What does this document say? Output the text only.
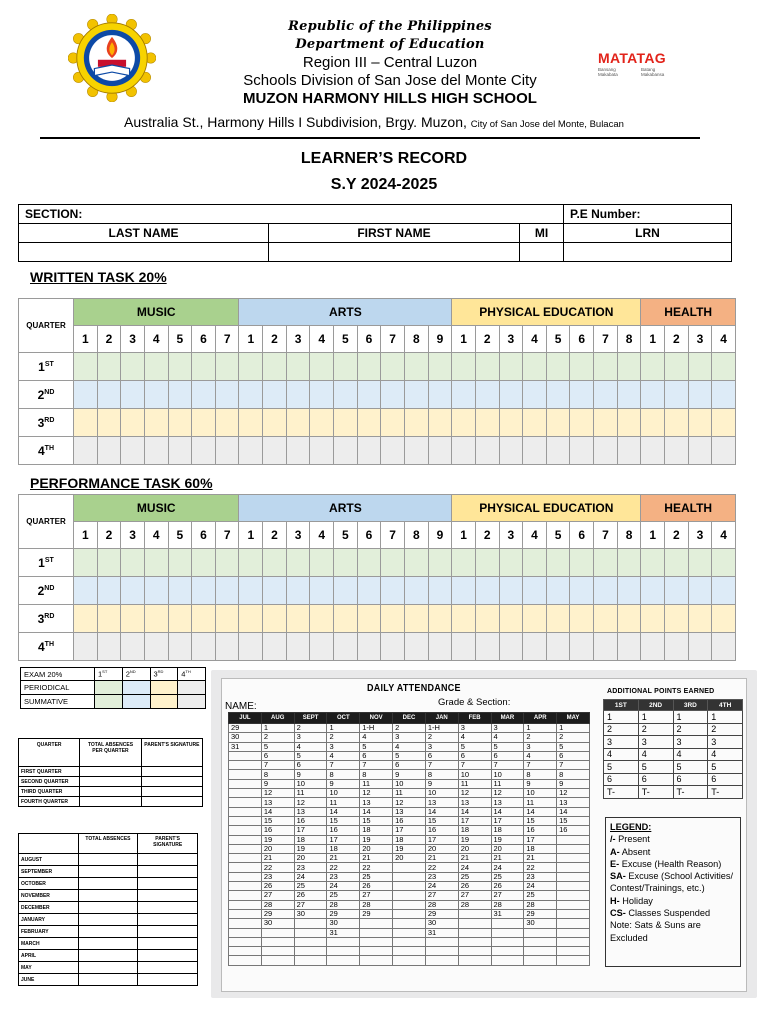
Republic of the Philippines
Department of Education
Region III – Central Luzon
Schools Division of San Jose del Monte City
MUZON HARMONY HILLS HIGH SCHOOL
Australia St., Harmony Hills I Subdivision, Brgy. Muzon, City of San Jose del Monte, Bulacan
MATATAG
Bansang Makabata
Batang Makabansa
LEARNER’S RECORD
S.Y 2024-2025
SECTION:			P.E Number:
LAST NAME	FIRST NAME	MI	LRN

WRITTEN TASK 20%
QUARTER	MUSIC							ARTS									PHYSICAL EDUCATION								HEALTH			
	1	2	3	4	5	6	7	1	2	3	4	5	6	7	8	9	1	2	3	4	5	6	7	8	1	2	3	4
1ST																												
2ND																												
3RD																												
4TH																												
PERFORMANCE TASK 60%
QUARTER	MUSIC							ARTS									PHYSICAL EDUCATION								HEALTH			
	1	2	3	4	5	6	7	1	2	3	4	5	6	7	8	9	1	2	3	4	5	6	7	8	1	2	3	4
1ST																												
2ND																												
3RD																												
4TH																												
EXAM 20%	1ST	2ND	3RD	4TH
PERIODICAL				
SUMMATIVE				
QUARTER	TOTAL ABSENCES PER QUARTER	PARENT'S SIGNATURE
FIRST QUARTER		
SECOND QUARTER		
THIRD QUARTER		
FOURTH QUARTER		
	TOTAL ABSENCES	PARENT'S SIGNATURE
AUGUST		
SEPTEMBER		
OCTOBER		
NOVEMBER		
DECEMBER		
JANUARY		
FEBRUARY		
MARCH		
APRIL		
MAY		
JUNE		
DAILY ATTENDANCE
NAME:	Grade & Section:
JUL	AUG	SEPT	OCT	NOV	DEC	JAN	FEB	MAR	APR	MAY
29	1	2	1	1-H	2	1-H	3	3	1	1
30	2	3	2	4	3	2	4	4	2	2
31	5	4	3	5	4	3	5	5	3	5
	6	5	4	6	5	6	6	6	4	6
	7	6	7	7	6	7	7	7	7	7
	8	9	8	8	9	8	10	10	8	8
	9	10	9	11	10	9	11	11	9	9
	12	11	10	12	11	10	12	12	10	12
	13	12	11	13	12	13	13	13	11	13
	14	13	14	14	13	14	14	14	14	14
	15	16	15	15	16	15	17	17	15	15
	16	17	16	18	17	16	18	18	16	16
	19	18	17	19	18	17	19	19	17	
	20	19	18	20	19	20	20	20	18	
	21	20	21	21	20	21	21	21	21	
	22	23	22	22		22	24	24	22	
	23	24	23	25		23	25	25	23	
	26	25	24	26		24	26	26	24	
	27	26	25	27		27	27	27	25	
	28	27	28	28		28	28	28	28	
	29	30	29	29		29		31	29	
	30		30			30			30	
			31			31				

ADDITIONAL POINTS EARNED
1ST	2ND	3RD	4TH
1	1	1	1
2	2	2	2
3	3	3	3
4	4	4	4
5	5	5	5
6	6	6	6
T-	T-	T-	T-
LEGEND:
/- Present
A- Absent
E- Excuse (Health Reason)
SA- Excuse (School Activities/ Contest/Trainings, etc.)
H- Holiday
CS- Classes Suspended
Note: Sats & Suns are Excluded
